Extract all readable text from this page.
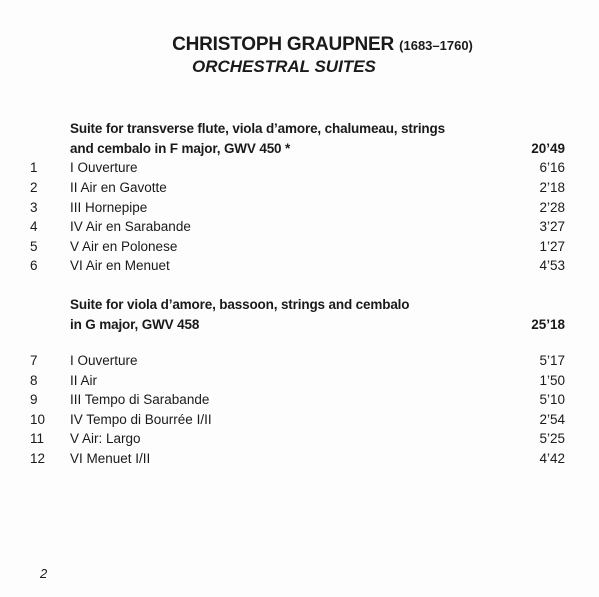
CHRISTOPH GRAUPNER (1683–1760)
ORCHESTRAL SUITES
Suite for transverse flute, viola d’amore, chalumeau, strings
and cembalo in F major, GWV 450 *	20’49
1	I Ouverture	6’16
2	II Air en Gavotte	2’18
3	III Hornepipe	2’28
4	IV Air en Sarabande	3’27
5	V Air en Polonese	1’27
6	VI Air en Menuet	4’53
Suite for viola d’amore, bassoon, strings and cembalo
in G major, GWV 458	25’18
7	I Ouverture	5’17
8	II Air	1’50
9	III Tempo di Sarabande	5’10
10	IV Tempo di Bourrée I/II	2’54
11	V Air: Largo	5’25
12	VI Menuet I/II	4’42
2
